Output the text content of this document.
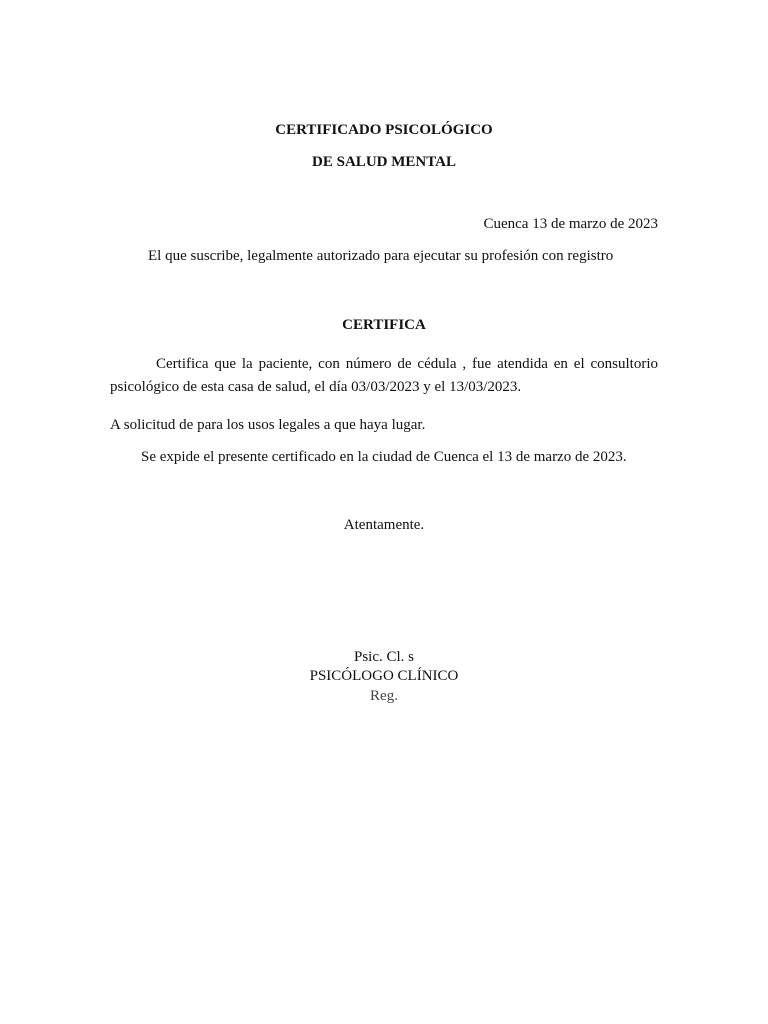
CERTIFICADO PSICOLÓGICO
DE SALUD MENTAL
Cuenca 13 de marzo de 2023
El que suscribe, legalmente autorizado para ejecutar su profesión con registro
CERTIFICA
Certifica que la paciente, con número de cédula , fue atendida en el consultorio
psicológico de esta casa de salud, el día 03/03/2023 y el 13/03/2023.
A solicitud de para los usos legales a que haya lugar.
Se expide el presente certificado en la ciudad de Cuenca el 13 de marzo de 2023.
Atentamente.
Psic. Cl. s
PSICÓLOGO CLÍNICO
Reg.
